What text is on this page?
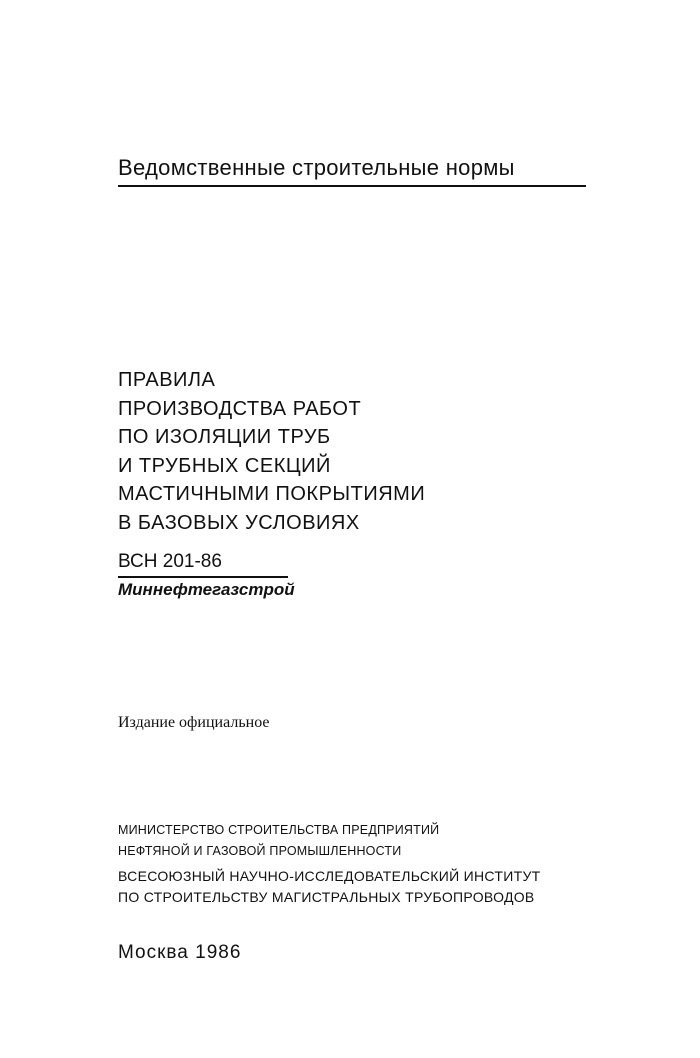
Ведомственные строительные нормы
ПРАВИЛА
ПРОИЗВОДСТВА РАБОТ
ПО ИЗОЛЯЦИИ ТРУБ
И ТРУБНЫХ СЕКЦИЙ
МАСТИЧНЫМИ ПОКРЫТИЯМИ
В БАЗОВЫХ УСЛОВИЯХ
ВСН 201-86
Миннефтегазстрой
Издание официальное
МИНИСТЕРСТВО СТРОИТЕЛЬСТВА ПРЕДПРИЯТИЙ
НЕФТЯНОЙ И ГАЗОВОЙ ПРОМЫШЛЕННОСТИ
ВСЕСОЮЗНЫЙ НАУЧНО-ИССЛЕДОВАТЕЛЬСКИЙ ИНСТИТУТ
ПО СТРОИТЕЛЬСТВУ МАГИСТРАЛЬНЫХ ТРУБОПРОВОДОВ
Москва 1986
